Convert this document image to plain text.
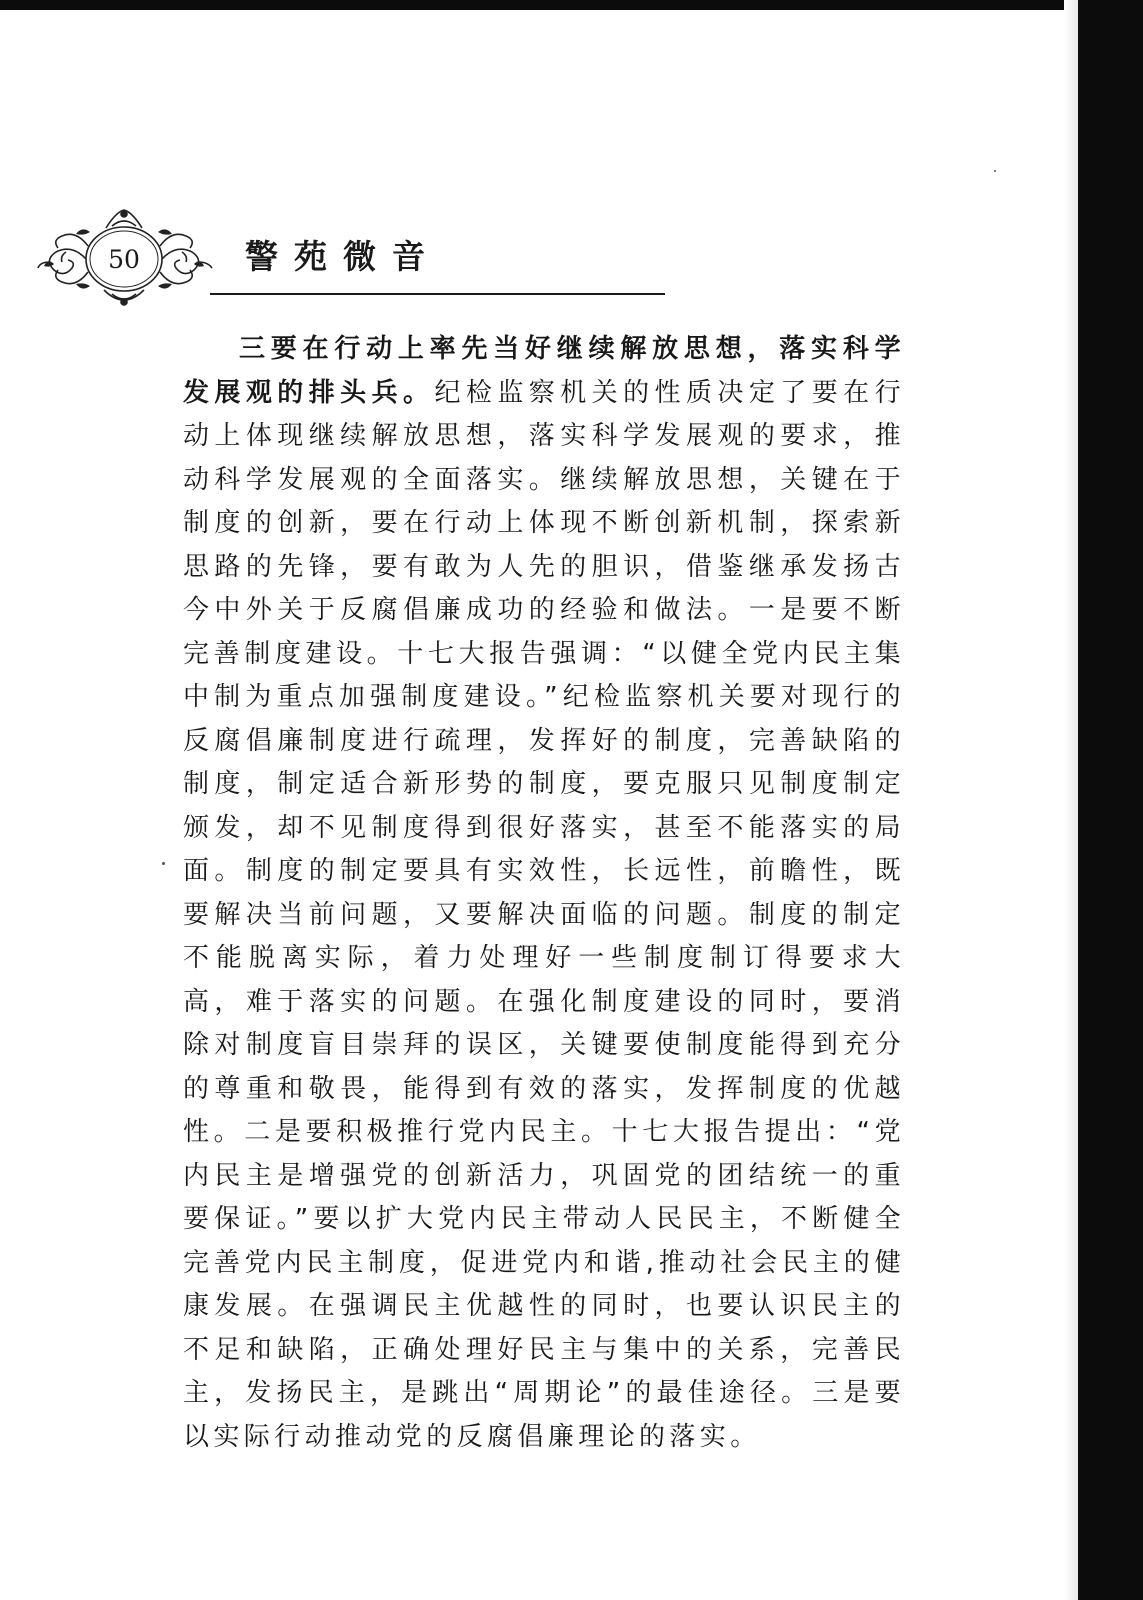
50	警苑微音

三要在行动上率先当好继续解放思想，落实科学发展观的排头兵。纪检监察机关的性质决定了要在行动上体现继续解放思想，落实科学发展观的要求，推动科学发展观的全面落实。继续解放思想，关键在于制度的创新，要在行动上体现不断创新机制，探索新思路的先锋，要有敢为人先的胆识，借鉴继承发扬古今中外关于反腐倡廉成功的经验和做法。一是要不断完善制度建设。十七大报告强调：“以健全党内民主集中制为重点加强制度建设。”纪检监察机关要对现行的反腐倡廉制度进行疏理，发挥好的制度，完善缺陷的制度，制定适合新形势的制度，要克服只见制度制定颁发，却不见制度得到很好落实，甚至不能落实的局面。制度的制定要具有实效性，长远性，前瞻性，既要解决当前问题，又要解决面临的问题。制度的制定不能脱离实际，着力处理好一些制度制订得要求大高，难于落实的问题。在强化制度建设的同时，要消除对制度盲目崇拜的误区，关键要使制度能得到充分的尊重和敬畏，能得到有效的落实，发挥制度的优越性。二是要积极推行党内民主。十七大报告提出：“党内民主是增强党的创新活力，巩固党的团结统一的重要保证。”要以扩大党内民主带动人民民主，不断健全完善党内民主制度，促进党内和谐,推动社会民主的健康发展。在强调民主优越性的同时，也要认识民主的不足和缺陷，正确处理好民主与集中的关系，完善民主，发扬民主，是跳出“周期论”的最佳途径。三是要以实际行动推动党的反腐倡廉理论的落实。
